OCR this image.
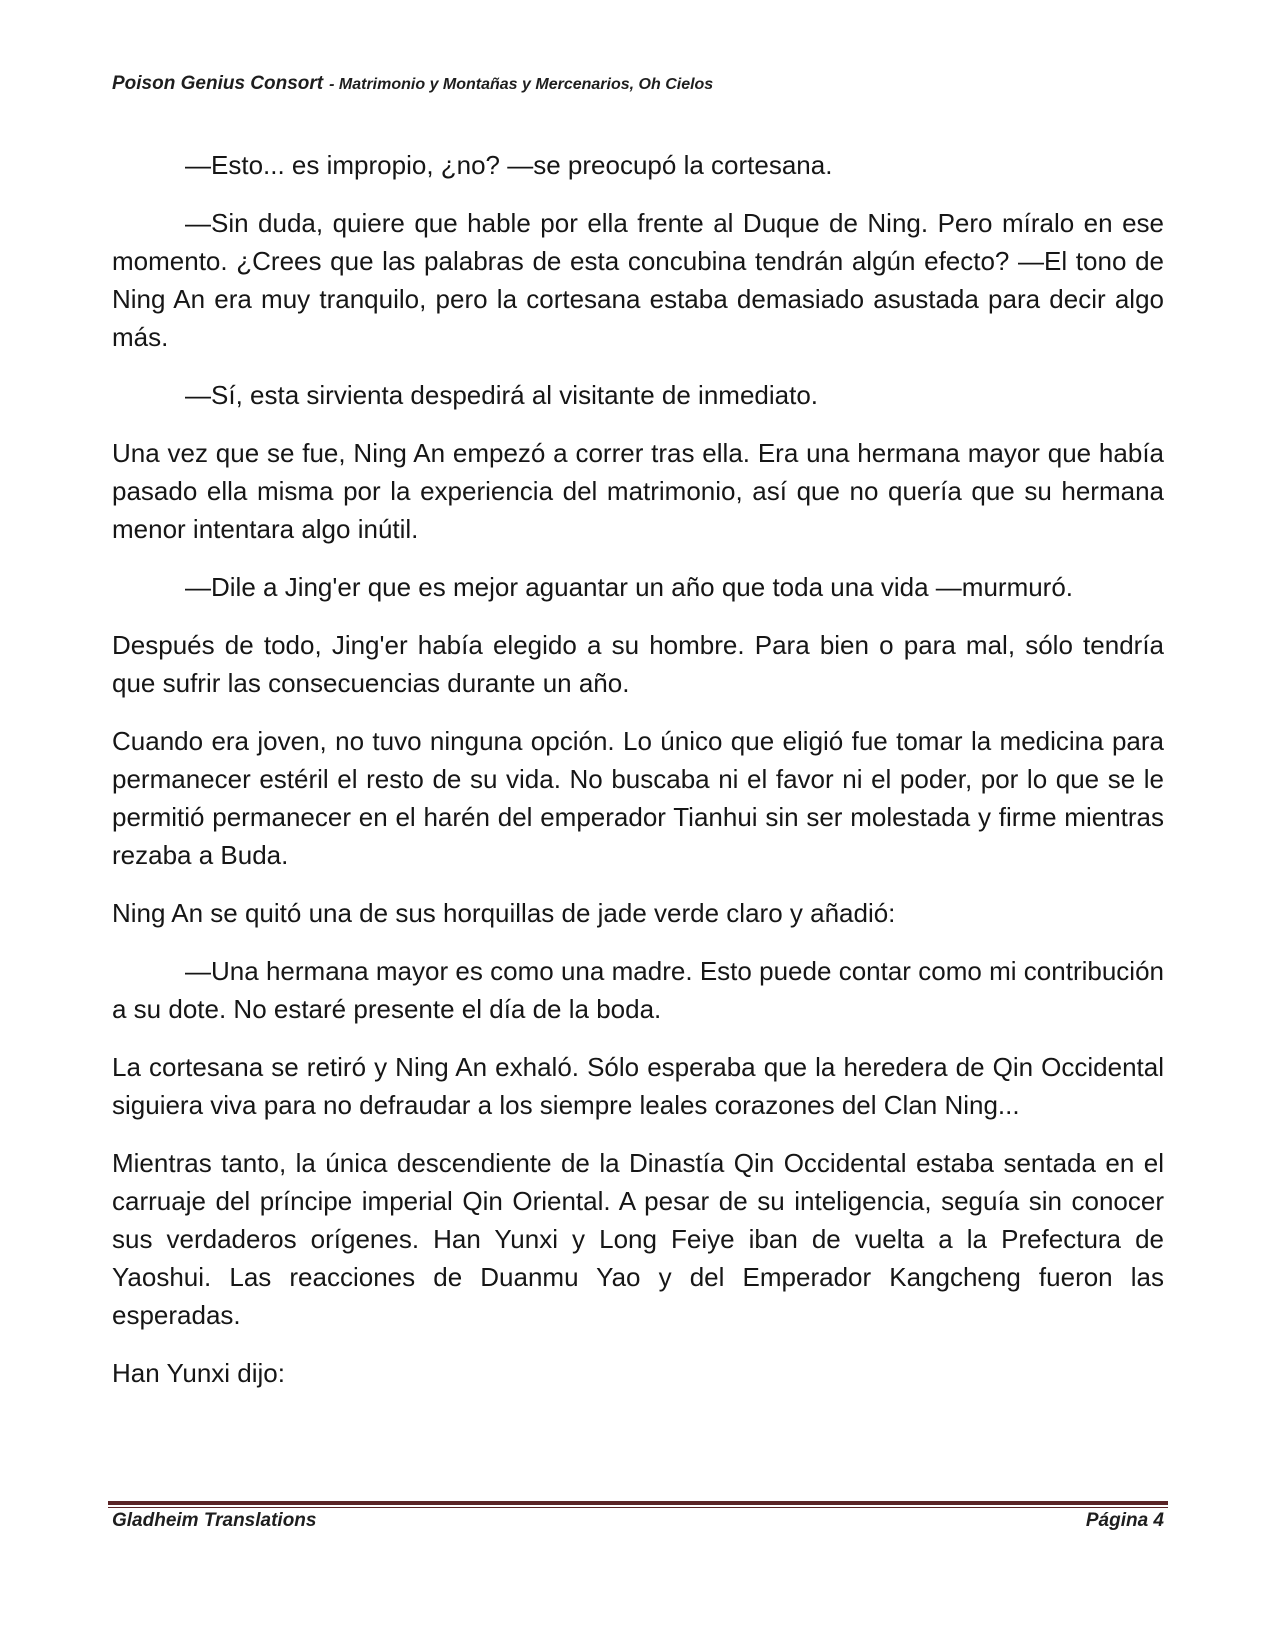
Poison Genius Consort - Matrimonio y Montañas y Mercenarios, Oh Cielos

—Esto... es impropio, ¿no? —se preocupó la cortesana.

—Sin duda, quiere que hable por ella frente al Duque de Ning. Pero míralo en ese momento. ¿Crees que las palabras de esta concubina tendrán algún efecto? —El tono de Ning An era muy tranquilo, pero la cortesana estaba demasiado asustada para decir algo más.

—Sí, esta sirvienta despedirá al visitante de inmediato.

Una vez que se fue, Ning An empezó a correr tras ella. Era una hermana mayor que había pasado ella misma por la experiencia del matrimonio, así que no quería que su hermana menor intentara algo inútil.

—Dile a Jing'er que es mejor aguantar un año que toda una vida —murmuró.

Después de todo, Jing'er había elegido a su hombre. Para bien o para mal, sólo tendría que sufrir las consecuencias durante un año.

Cuando era joven, no tuvo ninguna opción. Lo único que eligió fue tomar la medicina para permanecer estéril el resto de su vida. No buscaba ni el favor ni el poder, por lo que se le permitió permanecer en el harén del emperador Tianhui sin ser molestada y firme mientras rezaba a Buda.

Ning An se quitó una de sus horquillas de jade verde claro y añadió:

—Una hermana mayor es como una madre. Esto puede contar como mi contribución a su dote. No estaré presente el día de la boda.

La cortesana se retiró y Ning An exhaló. Sólo esperaba que la heredera de Qin Occidental siguiera viva para no defraudar a los siempre leales corazones del Clan Ning...

Mientras tanto, la única descendiente de la Dinastía Qin Occidental estaba sentada en el carruaje del príncipe imperial Qin Oriental. A pesar de su inteligencia, seguía sin conocer sus verdaderos orígenes. Han Yunxi y Long Feiye iban de vuelta a la Prefectura de Yaoshui. Las reacciones de Duanmu Yao y del Emperador Kangcheng fueron las esperadas.

Han Yunxi dijo:

Gladheim Translations	Página 4
